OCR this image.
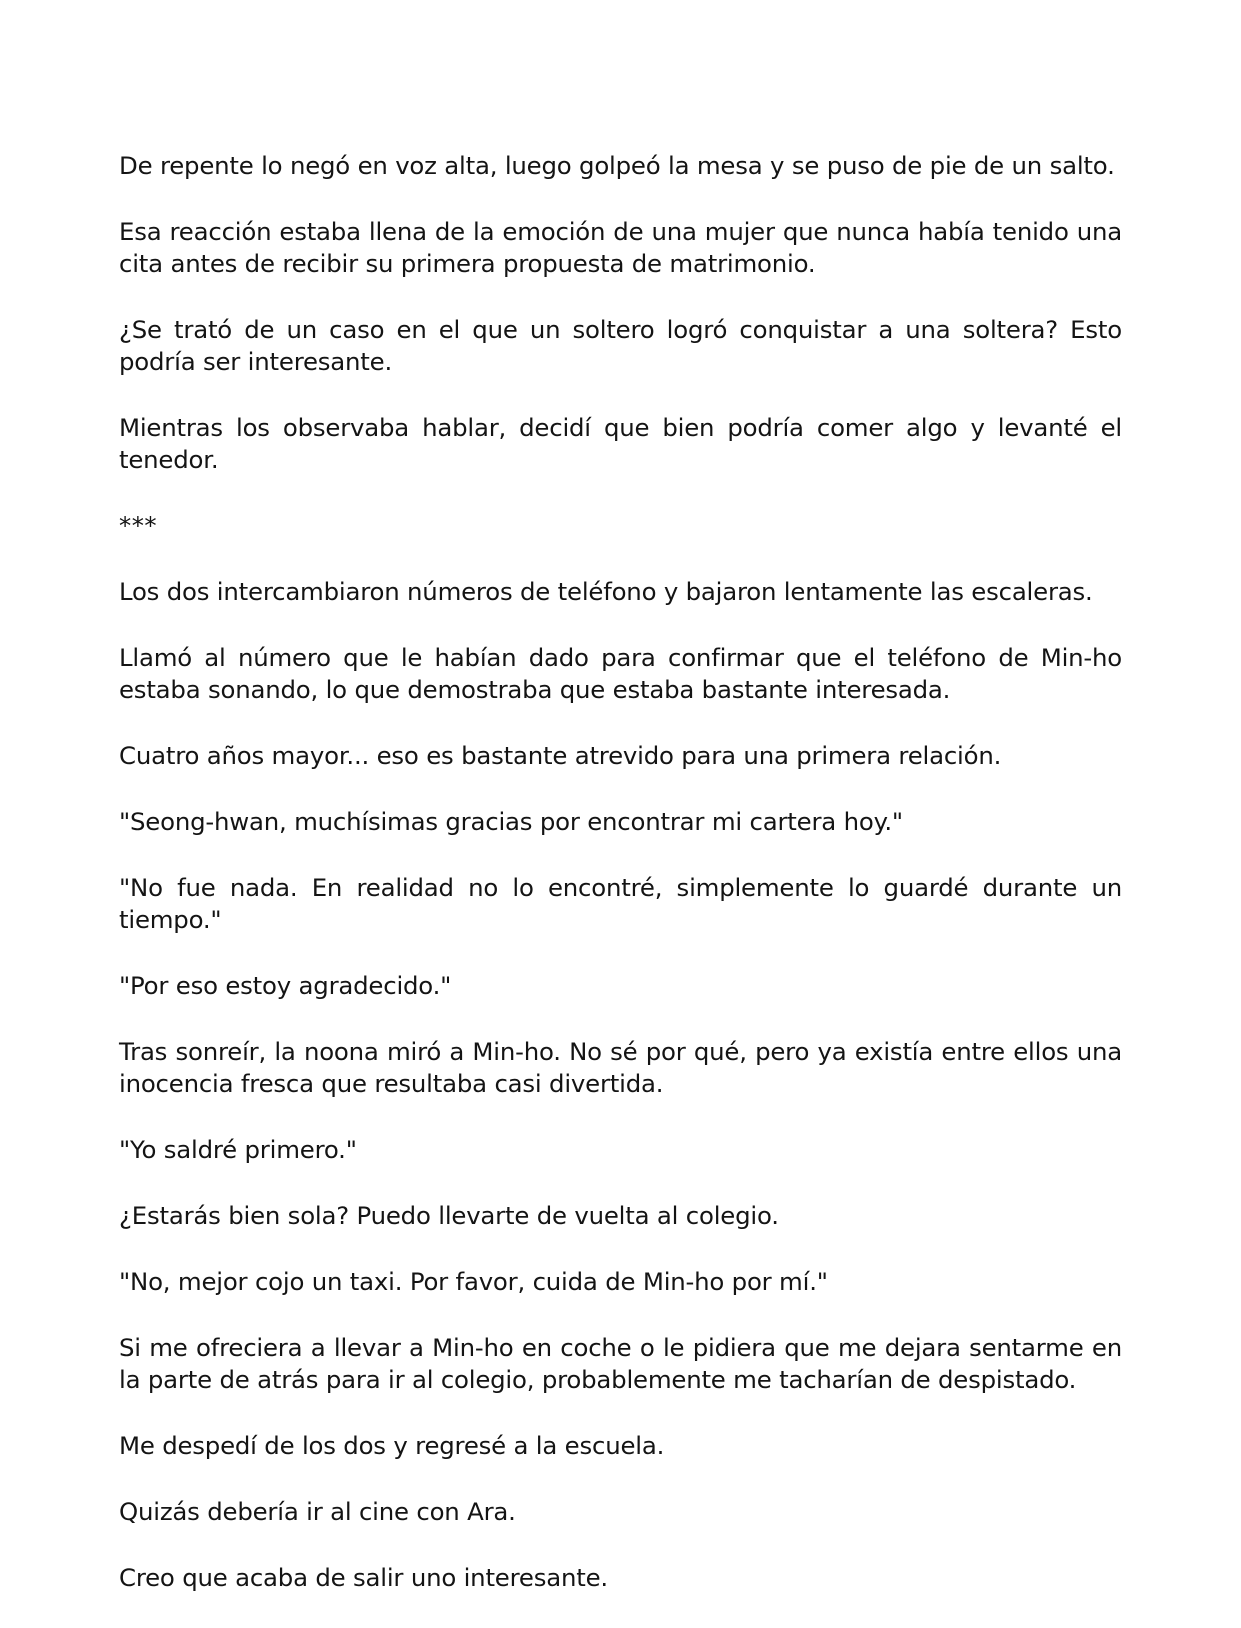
De repente lo negó en voz alta, luego golpeó la mesa y se puso de pie de un salto.

Esa reacción estaba llena de la emoción de una mujer que nunca había tenido una cita antes de recibir su primera propuesta de matrimonio.

¿Se trató de un caso en el que un soltero logró conquistar a una soltera? Esto podría ser interesante.

Mientras los observaba hablar, decidí que bien podría comer algo y levanté el tenedor.

***

Los dos intercambiaron números de teléfono y bajaron lentamente las escaleras.

Llamó al número que le habían dado para confirmar que el teléfono de Min-ho estaba sonando, lo que demostraba que estaba bastante interesada.

Cuatro años mayor... eso es bastante atrevido para una primera relación.

"Seong-hwan, muchísimas gracias por encontrar mi cartera hoy."

"No fue nada. En realidad no lo encontré, simplemente lo guardé durante un tiempo."

"Por eso estoy agradecido."

Tras sonreír, la noona miró a Min-ho. No sé por qué, pero ya existía entre ellos una inocencia fresca que resultaba casi divertida.

"Yo saldré primero."

¿Estarás bien sola? Puedo llevarte de vuelta al colegio.

"No, mejor cojo un taxi. Por favor, cuida de Min-ho por mí."

Si me ofreciera a llevar a Min-ho en coche o le pidiera que me dejara sentarme en la parte de atrás para ir al colegio, probablemente me tacharían de despistado.

Me despedí de los dos y regresé a la escuela.

Quizás debería ir al cine con Ara.

Creo que acaba de salir uno interesante.
